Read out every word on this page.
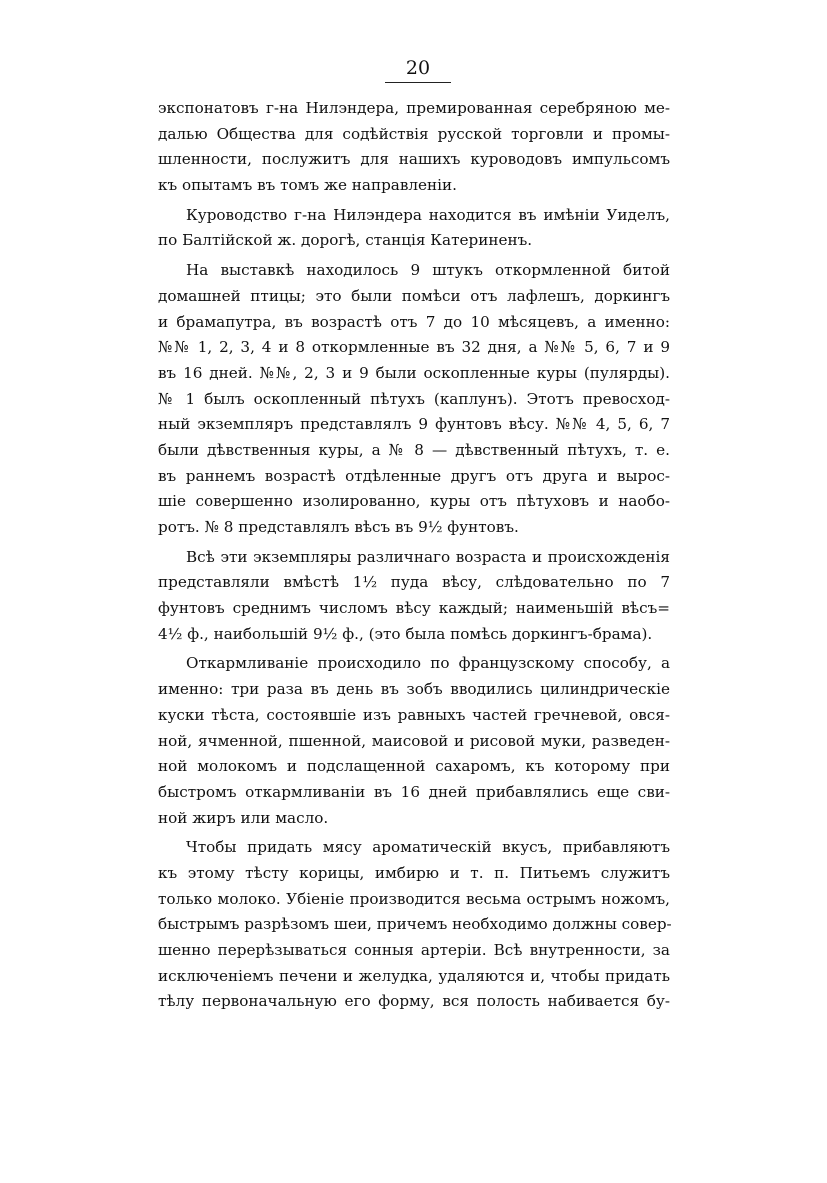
20
экспонатовъ г-на Нилэндера, премированная серебряною ме-
далью Общества для содѣйствія русской торговли и промы-
шленности, послужитъ для нашихъ куроводовъ импульсомъ
къ опытамъ въ томъ же направленіи.
Куроводство г-на Нилэндера находится въ имѣніи Уиделъ,
по Балтійской ж. дорогѣ, станція Катериненъ.
На выставкѣ находилось 9 штукъ откормленной битой
домашней птицы; это были помѣси отъ лафлешъ, доркингъ
и брамапутра, въ возрастѣ отъ 7 до 10 мѣсяцевъ, а именно:
№№ 1, 2, 3, 4 и 8 откормленные въ 32 дня, а №№ 5, 6, 7 и 9
въ 16 дней. №№, 2, 3 и 9 были оскопленные куры (пулярды).
№ 1 былъ оскопленный пѣтухъ (каплунъ). Этотъ превосход-
ный экземпляръ представлялъ 9 фунтовъ вѣсу. №№ 4, 5, 6, 7
были дѣвственныя куры, а № 8 — дѣвственный пѣтухъ, т. е.
въ раннемъ возрастѣ отдѣленные другъ отъ друга и вырос-
шіе совершенно изолированно, куры отъ пѣтуховъ и наобо-
ротъ. № 8 представлялъ вѣсъ въ 9½ фунтовъ.
Всѣ эти экземпляры различнаго возраста и происхожденія
представляли вмѣстѣ 1½ пуда вѣсу, слѣдовательно по 7
фунтовъ среднимъ числомъ вѣсу каждый; наименьшій вѣсъ=
4½ ф., наибольшій 9½ ф., (это была помѣсь доркингъ-брама).
Откармливаніе происходило по французскому способу, а
именно: три раза въ день въ зобъ вводились цилиндрическіе
куски тѣста, состоявшіе изъ равныхъ частей гречневой, овся-
ной, ячменной, пшенной, маисовой и рисовой муки, разведен-
ной молокомъ и подслащенной сахаромъ, къ которому при
быстромъ откармливаніи въ 16 дней прибавлялись еще сви-
ной жиръ или масло.
Чтобы придать мясу ароматическій вкусъ, прибавляютъ
къ этому тѣсту корицы, имбирю и т. п. Питьемъ служитъ
только молоко. Убіеніе производится весьма острымъ ножомъ,
быстрымъ разрѣзомъ шеи, причемъ необходимо должны совер-
шенно перерѣзываться сонныя артеріи. Всѣ внутренности, за
исключеніемъ печени и желудка, удаляются и, чтобы придать
тѣлу первоначальную его форму, вся полость набивается бу-
